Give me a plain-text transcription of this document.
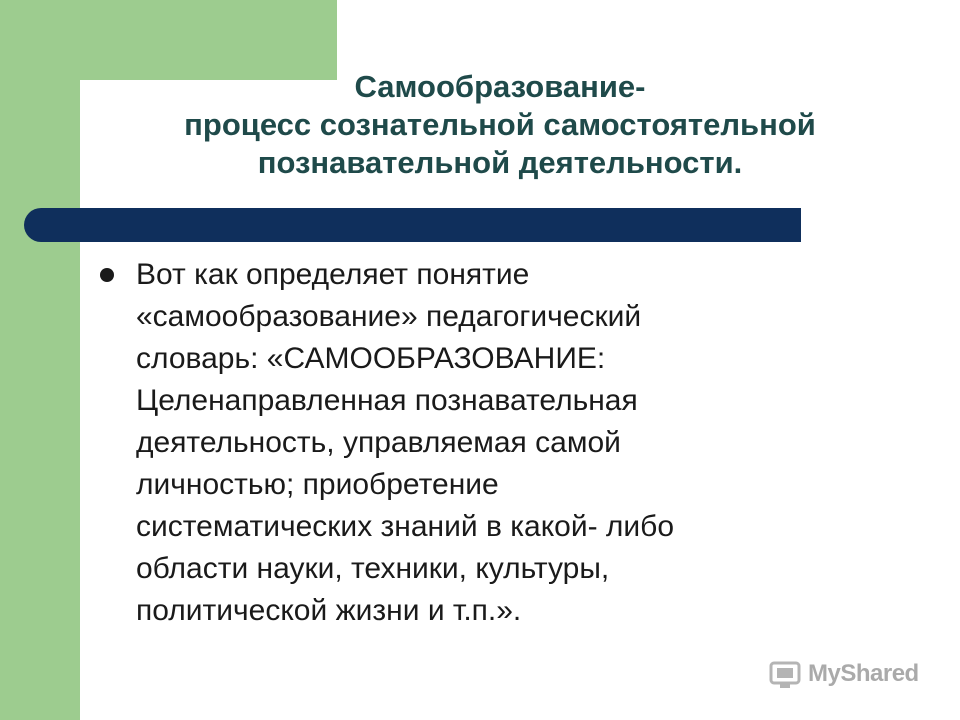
Самообразование-
процесс сознательной самостоятельной
познавательной деятельности.
Вот как определяет понятие
«самообразование» педагогический
словарь: «САМООБРАЗОВАНИЕ:
Целенаправленная познавательная
деятельность, управляемая самой
личностью; приобретение
систематических знаний в какой- либо
области науки, техники, культуры,
политической жизни и т.п.».
MyShared
